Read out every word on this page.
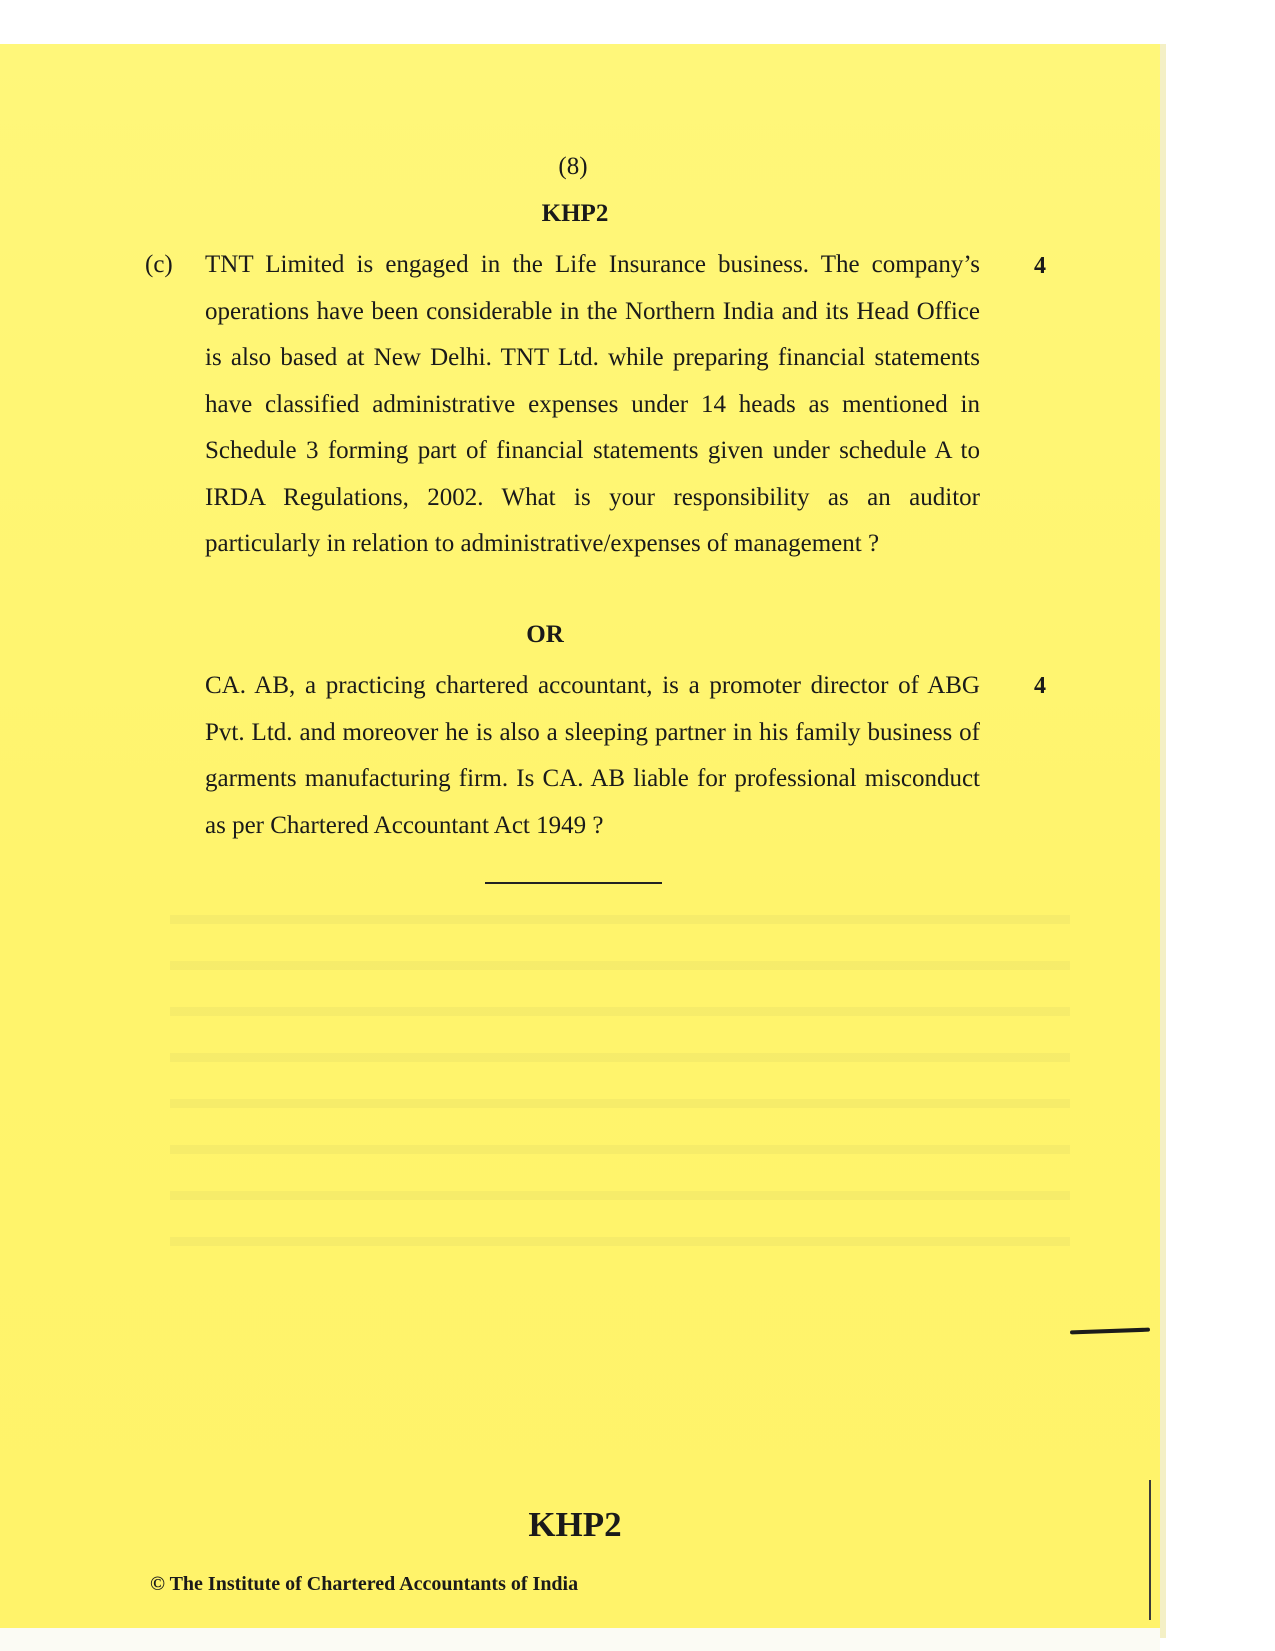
(8)
KHP2
(c) TNT Limited is engaged in the Life Insurance business. The company’s operations have been considerable in the Northern India and its Head Office is also based at New Delhi. TNT Ltd. while preparing financial statements have classified administrative expenses under 14 heads as mentioned in Schedule 3 forming part of financial statements given under schedule A to IRDA Regulations, 2002. What is your responsibility as an auditor particularly in relation to administrative/expenses of management ?
4
OR
CA. AB, a practicing chartered accountant, is a promoter director of ABG Pvt. Ltd. and moreover he is also a sleeping partner in his family business of garments manufacturing firm. Is CA. AB liable for professional misconduct as per Chartered Accountant Act 1949 ?
4
KHP2
© The Institute of Chartered Accountants of India
